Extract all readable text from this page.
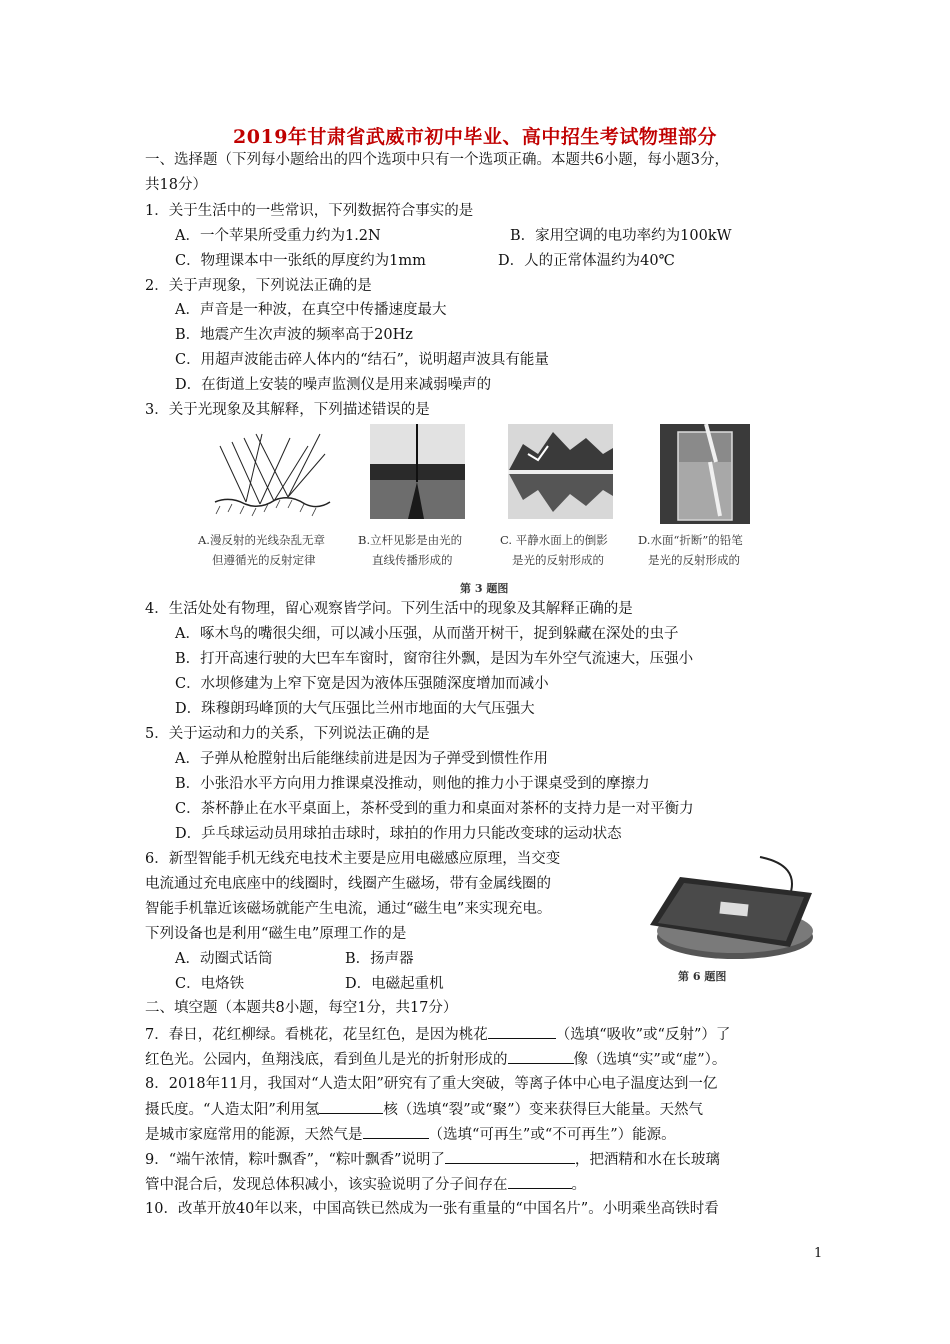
2019年甘肃省武威市初中毕业、高中招生考试物理部分
一、选择题（下列每小题给出的四个选项中只有一个选项正确。本题共6小题，每小题3分，
共18分）
1．关于生活中的一些常识，下列数据符合事实的是
A．一个苹果所受重力约为1.2N	B．家用空调的电功率约为100kW
C．物理课本中一张纸的厚度约为1mm	D．人的正常体温约为40℃
2．关于声现象，下列说法正确的是
A．声音是一种波，在真空中传播速度最大
B．地震产生次声波的频率高于20Hz
C．用超声波能击碎人体内的“结石”，说明超声波具有能量
D．在街道上安装的噪声监测仪是用来减弱噪声的
3．关于光现象及其解释，下列描述错误的是
A.漫反射的光线杂乱无章
但遵循光的反射定律
B.立杆见影是由光的
直线传播形成的
C. 平静水面上的倒影
是光的反射形成的
D.水面“折断”的铅笔
是光的反射形成的
第 3 题图
4．生活处处有物理，留心观察皆学问。下列生活中的现象及其解释正确的是
A．啄木鸟的嘴很尖细，可以减小压强，从而凿开树干，捉到躲藏在深处的虫子
B．打开高速行驶的大巴车车窗时，窗帘往外飘，是因为车外空气流速大，压强小
C．水坝修建为上窄下宽是因为液体压强随深度增加而减小
D．珠穆朗玛峰顶的大气压强比兰州市地面的大气压强大
5．关于运动和力的关系，下列说法正确的是
A．子弹从枪膛射出后能继续前进是因为子弹受到惯性作用
B．小张沿水平方向用力推课桌没推动，则他的推力小于课桌受到的摩擦力
C．茶杯静止在水平桌面上，茶杯受到的重力和桌面对茶杯的支持力是一对平衡力
D．乒乓球运动员用球拍击球时，球拍的作用力只能改变球的运动状态
6．新型智能手机无线充电技术主要是应用电磁感应原理，当交变
电流通过充电底座中的线圈时，线圈产生磁场，带有金属线圈的
智能手机靠近该磁场就能产生电流，通过“磁生电”来实现充电。
下列设备也是利用“磁生电”原理工作的是
A．动圈式话筒	B．扬声器
C．电烙铁	D．电磁起重机	第 6 题图
二、填空题（本题共8小题，每空1分，共17分）
7．春日，花红柳绿。看桃花，花呈红色，是因为桃花	（选填“吸收”或“反射”）了
红色光。公园内，鱼翔浅底，看到鱼儿是光的折射形成的	像（选填“实”或“虚”）。
8．2018年11月，我国对“人造太阳”研究有了重大突破，等离子体中心电子温度达到一亿
摄氏度。“人造太阳”利用氢	核（选填“裂”或“聚”）变来获得巨大能量。天然气
是城市家庭常用的能源，天然气是	（选填“可再生”或“不可再生”）能源。
9．“端午浓情，粽叶飘香”，“粽叶飘香”说明了	，把酒精和水在长玻璃
管中混合后，发现总体积减小，该实验说明了分子间存在	。
10．改革开放40年以来，中国高铁已然成为一张有重量的“中国名片”。小明乘坐高铁时看
1
